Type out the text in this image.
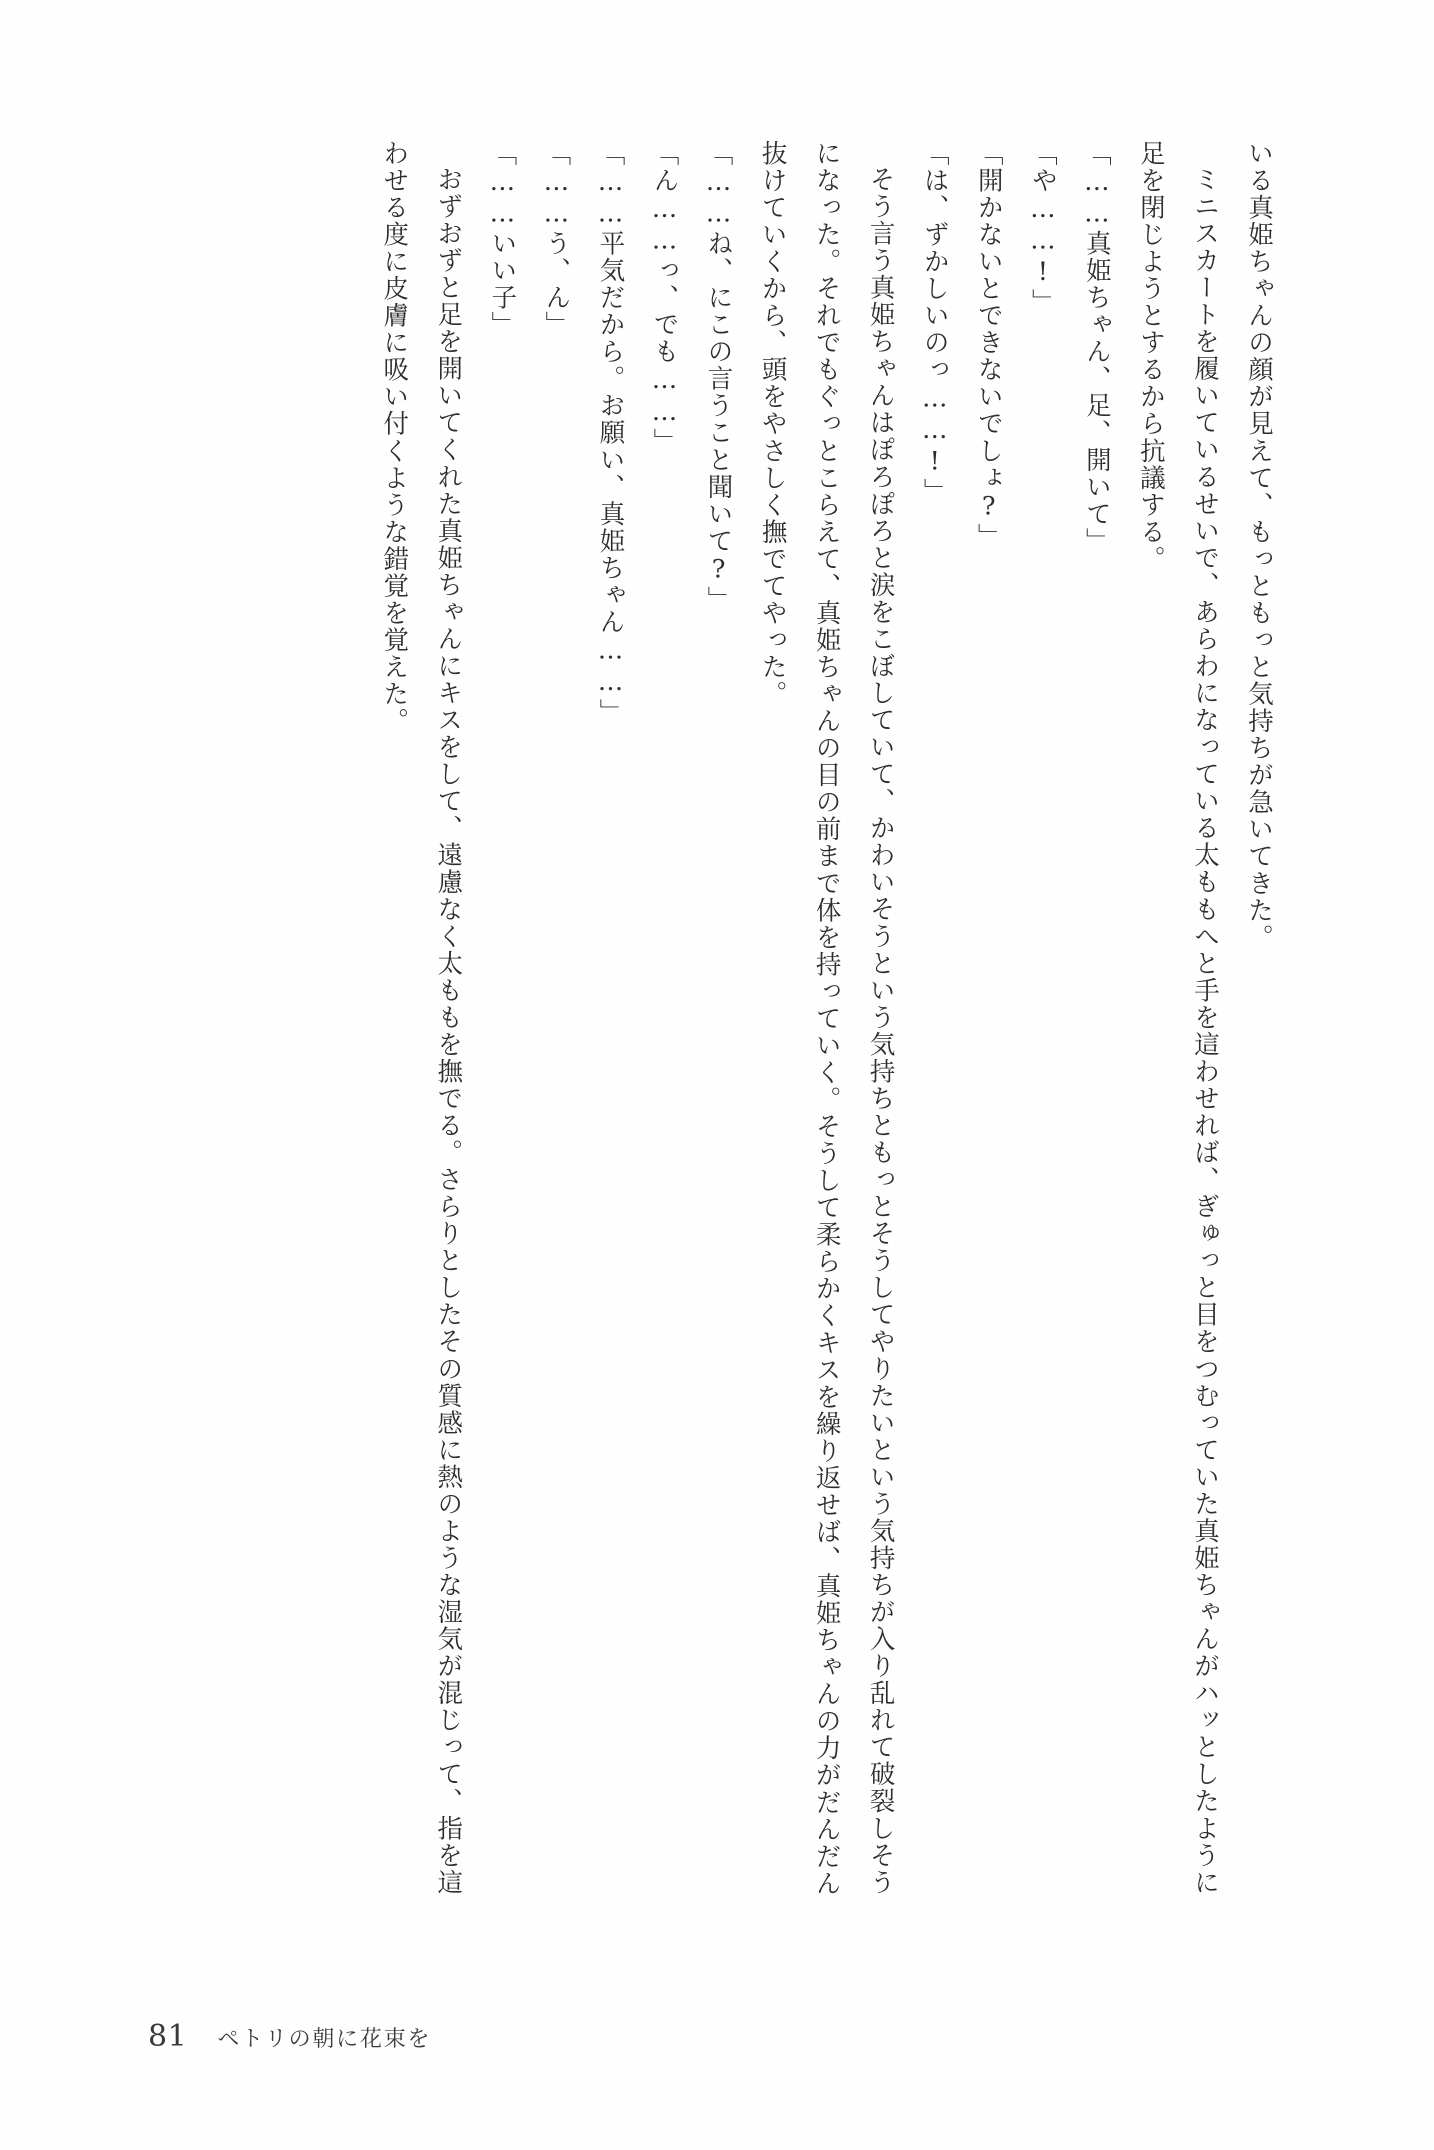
いる真姫ちゃんの顔が見えて、もっともっと気持ちが急いてきた。

ミニスカートを履いているせいで、あらわになっている太ももへと手を這わせれば、ぎゅっと目をつむっていた真姫ちゃんがハッとしたように足を閉じようとするから抗議する。

「……真姫ちゃん、足、開いて」

「や……!」

「開かないとできないでしょ?」

「は、ずかしいのっ……!」

そう言う真姫ちゃんはぽろぽろと涙をこぼしていて、かわいそうという気持ちともっとそうしてやりたいという気持ちが入り乱れて破裂しそうになった。それでもぐっとこらえて、真姫ちゃんの目の前まで体を持っていく。そうして柔らかくキスを繰り返せば、真姫ちゃんの力がだんだん抜けていくから、頭をやさしく撫でてやった。

「……ね、にこの言うこと聞いて?」

「ん……っ、でも……」

「……平気だから。お願い、真姫ちゃん……」

「……う、ん」

「……いい子」

おずおずと足を開いてくれた真姫ちゃんにキスをして、遠慮なく太ももを撫でる。さらりとしたその質感に熱のような湿気が混じって、指を這わせる度に皮膚に吸い付くような錯覚を覚えた。

81 ペトリの朝に花束を
